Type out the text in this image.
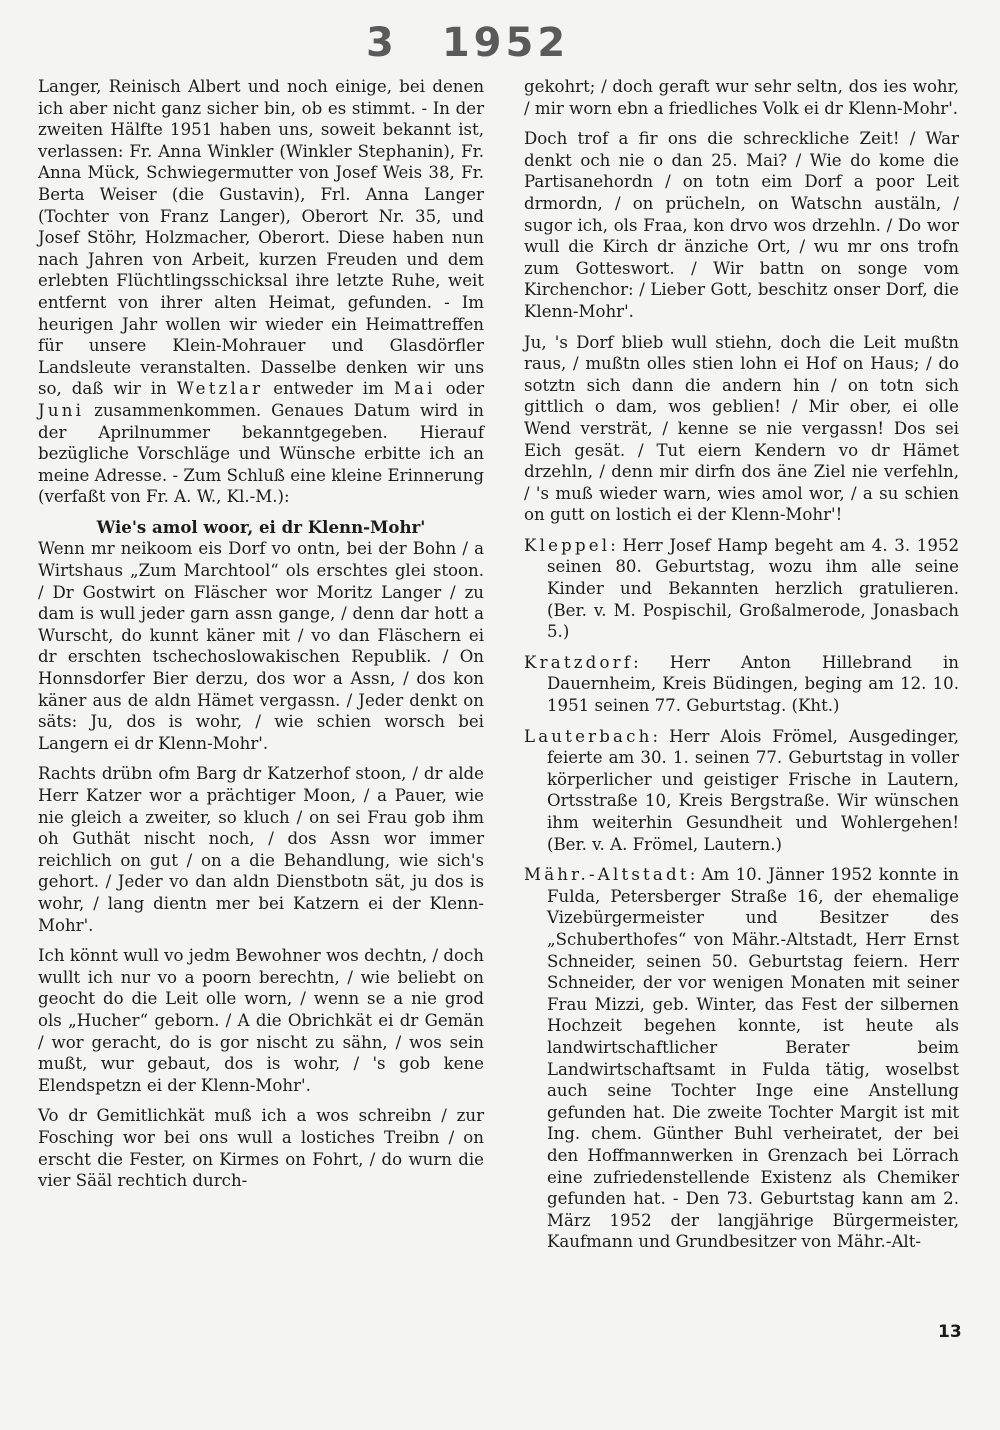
3 1952

Langer, Reinisch Albert und noch einige, bei denen ich aber nicht ganz sicher bin, ob es stimmt. - In der zweiten Hälfte 1951 haben uns, soweit bekannt ist, verlassen: Fr. Anna Winkler (Winkler Stephanin), Fr. Anna Mück, Schwiegermutter von Josef Weis 38, Fr. Berta Weiser (die Gustavin), Frl. Anna Langer (Tochter von Franz Langer), Oberort Nr. 35, und Josef Stöhr, Holzmacher, Oberort. Diese haben nun nach Jahren von Arbeit, kurzen Freuden und dem erlebten Flüchtlingsschicksal ihre letzte Ruhe, weit entfernt von ihrer alten Heimat, gefunden. - Im heurigen Jahr wollen wir wieder ein Heimattreffen für unsere Klein-Mohrauer und Glasdörfler Landsleute veranstalten. Dasselbe denken wir uns so, daß wir in Wetzlar entweder im Mai oder Juni zusammenkommen. Genaues Datum wird in der Aprilnummer bekanntgegeben. Hierauf bezügliche Vorschläge und Wünsche erbitte ich an meine Adresse. - Zum Schluß eine kleine Erinnerung (verfaßt von Fr. A. W., Kl.-M.):

Wie's amol woor, ei dr Klenn-Mohr'

Wenn mr neikoom eis Dorf vo ontn, bei der Bohn / a Wirtshaus „Zum Marchtool“ ols erschtes glei stoon. / Dr Gostwirt on Fläscher wor Moritz Langer / zu dam is wull jeder garn assn gange, / denn dar hott a Wurscht, do kunnt käner mit / vo dan Fläschern ei dr erschten tschechoslowakischen Republik. / On Honnsdorfer Bier derzu, dos wor a Assn, / dos kon käner aus de aldn Hämet vergassn. / Jeder denkt on säts: Ju, dos is wohr, / wie schien worsch bei Langern ei dr Klenn-Mohr'.

Rachts drübn ofm Barg dr Katzerhof stoon, / dr alde Herr Katzer wor a prächtiger Moon, / a Pauer, wie nie gleich a zweiter, so kluch / on sei Frau gob ihm oh Guthät nischt noch, / dos Assn wor immer reichlich on gut / on a die Behandlung, wie sich's gehort. / Jeder vo dan aldn Dienstbotn sät, ju dos is wohr, / lang dientn mer bei Katzern ei der Klenn-Mohr'.

Ich könnt wull vo jedm Bewohner wos dechtn, / doch wullt ich nur vo a poorn berechtn, / wie beliebt on geocht do die Leit olle worn, / wenn se a nie grod ols „Hucher“ geborn. / A die Obrichkät ei dr Gemän / wor geracht, do is gor nischt zu sähn, / wos sein mußt, wur gebaut, dos is wohr, / 's gob kene Elendspetzn ei der Klenn-Mohr'.

Vo dr Gemitlichkät muß ich a wos schreibn / zur Fosching wor bei ons wull a lostiches Treibn / on erscht die Fester, on Kirmes on Fohrt, / do wurn die vier Sääl rechtich durch-

gekohrt; / doch geraft wur sehr seltn, dos ies wohr, / mir worn ebn a friedliches Volk ei dr Klenn-Mohr'.

Doch trof a fir ons die schreckliche Zeit! / War denkt och nie o dan 25. Mai? / Wie do kome die Partisanehordn / on totn eim Dorf a poor Leit drmordn, / on prücheln, on Watschn austäln, / sugor ich, ols Fraa, kon drvo wos drzehln. / Do wor wull die Kirch dr änziche Ort, / wu mr ons trofn zum Gotteswort. / Wir battn on songe vom Kirchenchor: / Lieber Gott, beschitz onser Dorf, die Klenn-Mohr'.

Ju, 's Dorf blieb wull stiehn, doch die Leit mußtn raus, / mußtn olles stien lohn ei Hof on Haus; / do sotztn sich dann die andern hin / on totn sich gittlich o dam, wos geblien! / Mir ober, ei olle Wend versträt, / kenne se nie vergassn! Dos sei Eich gesät. / Tut eiern Kendern vo dr Hämet drzehln, / denn mir dirfn dos äne Ziel nie verfehln, / 's muß wieder warn, wies amol wor, / a su schien on gutt on lostich ei der Klenn-Mohr'!

Kleppel: Herr Josef Hamp begeht am 4. 3. 1952 seinen 80. Geburtstag, wozu ihm alle seine Kinder und Bekannten herzlich gratulieren. (Ber. v. M. Pospischil, Großalmerode, Jonasbach 5.)

Kratzdorf: Herr Anton Hillebrand in Dauernheim, Kreis Büdingen, beging am 12. 10. 1951 seinen 77. Geburtstag. (Kht.)

Lauterbach: Herr Alois Frömel, Ausgedinger, feierte am 30. 1. seinen 77. Geburtstag in voller körperlicher und geistiger Frische in Lautern, Ortsstraße 10, Kreis Bergstraße. Wir wünschen ihm weiterhin Gesundheit und Wohlergehen! (Ber. v. A. Frömel, Lautern.)

Mähr.-Altstadt: Am 10. Jänner 1952 konnte in Fulda, Petersberger Straße 16, der ehemalige Vizebürgermeister und Besitzer des „Schuberthofes“ von Mähr.-Altstadt, Herr Ernst Schneider, seinen 50. Geburtstag feiern. Herr Schneider, der vor wenigen Monaten mit seiner Frau Mizzi, geb. Winter, das Fest der silbernen Hochzeit begehen konnte, ist heute als landwirtschaftlicher Berater beim Landwirtschaftsamt in Fulda tätig, woselbst auch seine Tochter Inge eine Anstellung gefunden hat. Die zweite Tochter Margit ist mit Ing. chem. Günther Buhl verheiratet, der bei den Hoffmannwerken in Grenzach bei Lörrach eine zufriedenstellende Existenz als Chemiker gefunden hat. - Den 73. Geburtstag kann am 2. März 1952 der langjährige Bürgermeister, Kaufmann und Grundbesitzer von Mähr.-Alt-

13
